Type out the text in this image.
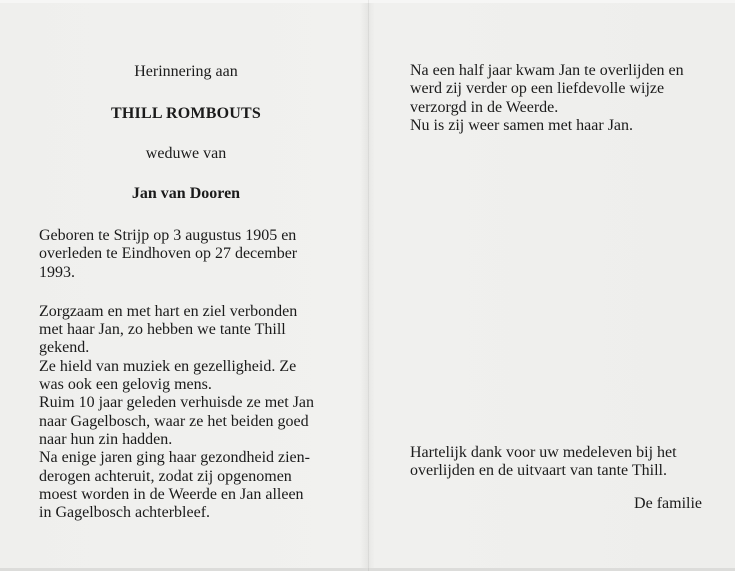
Herinnering aan
THILL ROMBOUTS
weduwe van
Jan van Dooren
Geboren te Strijp op 3 augustus 1905 en
overleden te Eindhoven op 27 december
1993.
Zorgzaam en met hart en ziel verbonden
met haar Jan, zo hebben we tante Thill
gekend.
Ze hield van muziek en gezelligheid. Ze
was ook een gelovig mens.
Ruim 10 jaar geleden verhuisde ze met Jan
naar Gagelbosch, waar ze het beiden goed
naar hun zin hadden.
Na enige jaren ging haar gezondheid zien-
derogen achteruit, zodat zij opgenomen
moest worden in de Weerde en Jan alleen
in Gagelbosch achterbleef.
Na een half jaar kwam Jan te overlijden en
werd zij verder op een liefdevolle wijze
verzorgd in de Weerde.
Nu is zij weer samen met haar Jan.
Hartelijk dank voor uw medeleven bij het
overlijden en de uitvaart van tante Thill.
De familie
